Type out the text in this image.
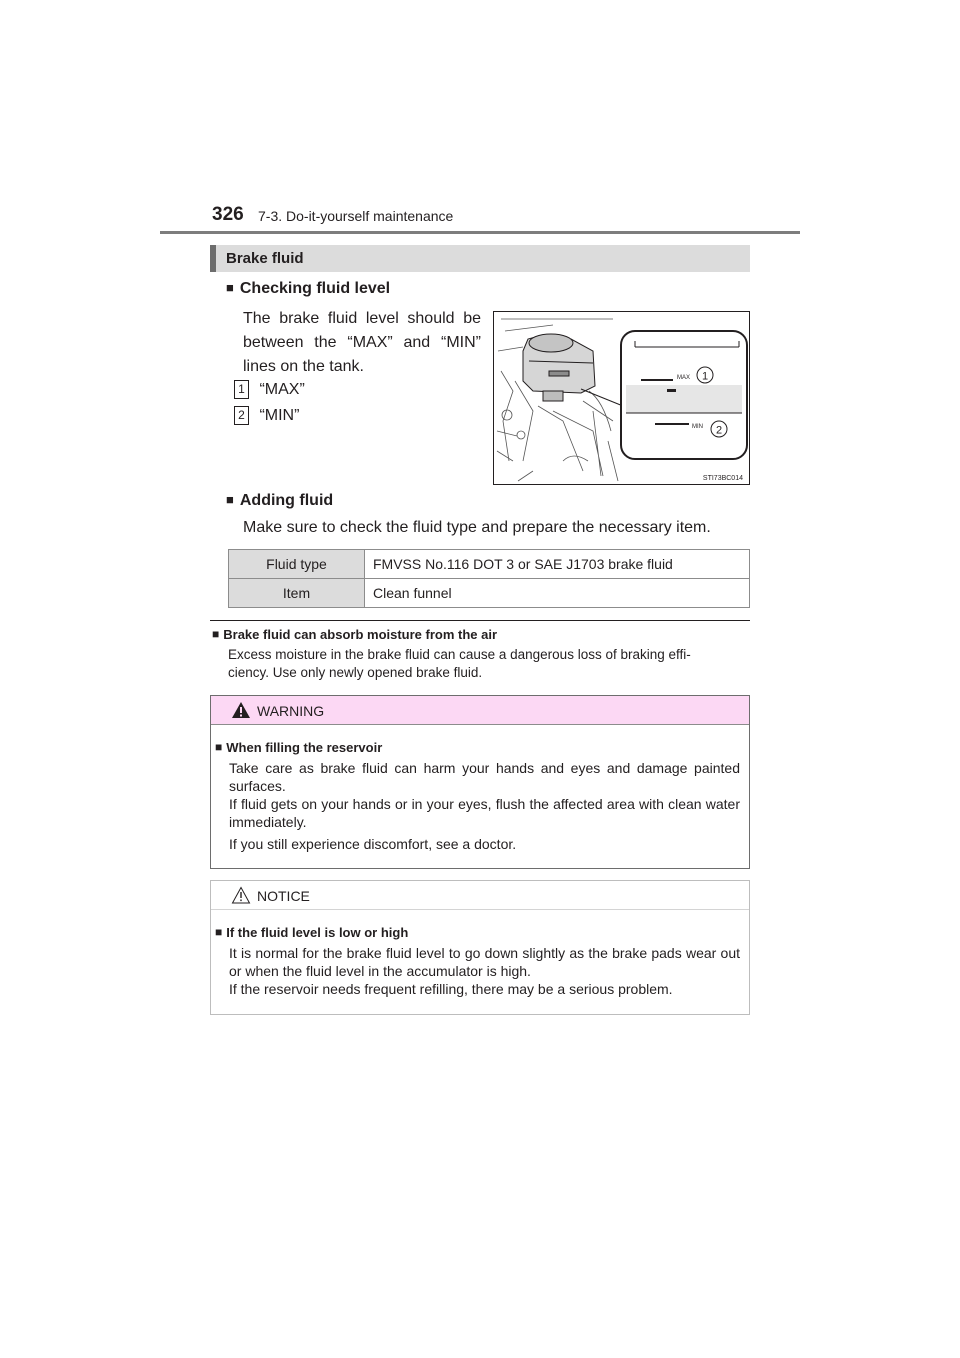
326 7-3. Do-it-yourself maintenance
Brake fluid
■ Checking fluid level
The brake fluid level should be
between the “MAX” and “MIN”
lines on the tank.
1 “MAX”
2 “MIN”
MAX
MIN
1
2
STI73BC014
■ Adding fluid
Make sure to check the fluid type and prepare the necessary item.
Fluid type	FMVSS No.116 DOT 3 or SAE J1703 brake fluid
Item	Clean funnel
■ Brake fluid can absorb moisture from the air
Excess moisture in the brake fluid can cause a dangerous loss of braking effi-
ciency. Use only newly opened brake fluid.
WARNING
■ When filling the reservoir
Take care as brake fluid can harm your hands and eyes and damage painted surfaces.
If fluid gets on your hands or in your eyes, flush the affected area with clean water immediately.
If you still experience discomfort, see a doctor.
NOTICE
■ If the fluid level is low or high
It is normal for the brake fluid level to go down slightly as the brake pads wear out or when the fluid level in the accumulator is high.
If the reservoir needs frequent refilling, there may be a serious problem.
